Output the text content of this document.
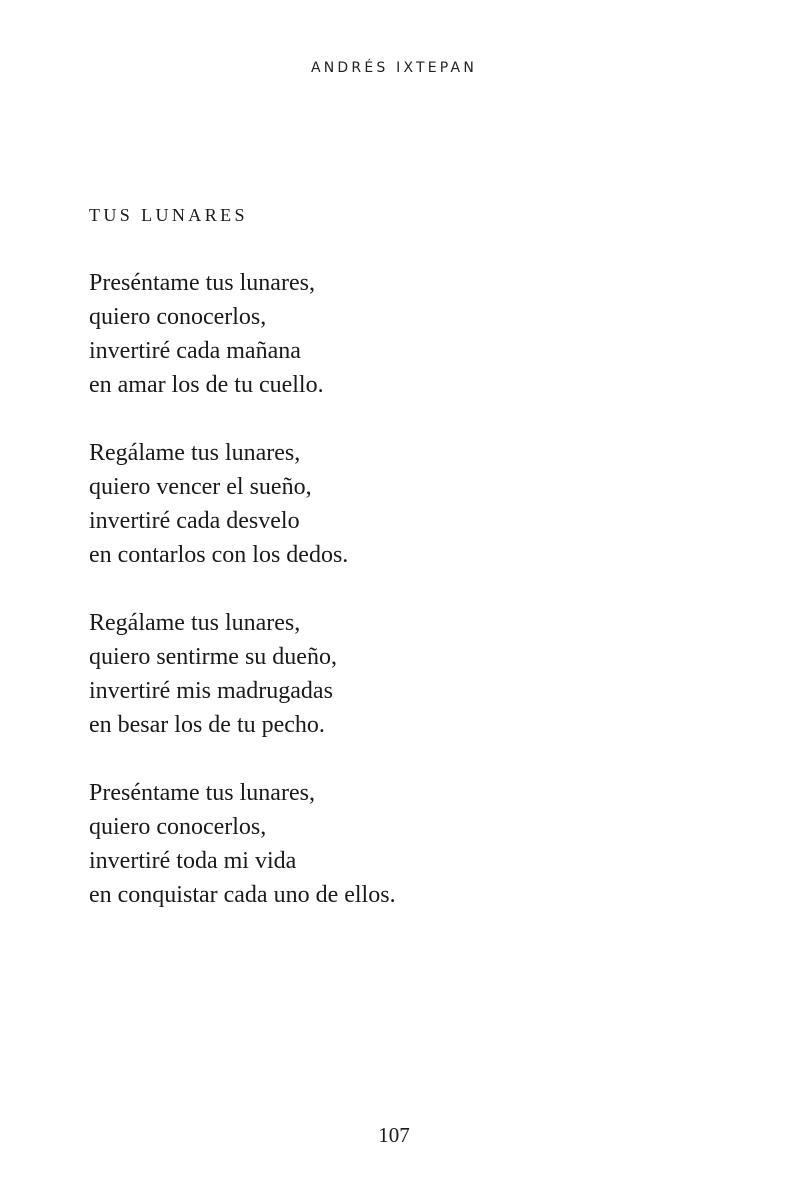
ANDRÉS IXTEPAN
TUS LUNARES
Preséntame tus lunares,
quiero conocerlos,
invertiré cada mañana
en amar los de tu cuello.
Regálame tus lunares,
quiero vencer el sueño,
invertiré cada desvelo
en contarlos con los dedos.
Regálame tus lunares,
quiero sentirme su dueño,
invertiré mis madrugadas
en besar los de tu pecho.
Preséntame tus lunares,
quiero conocerlos,
invertiré toda mi vida
en conquistar cada uno de ellos.
107
